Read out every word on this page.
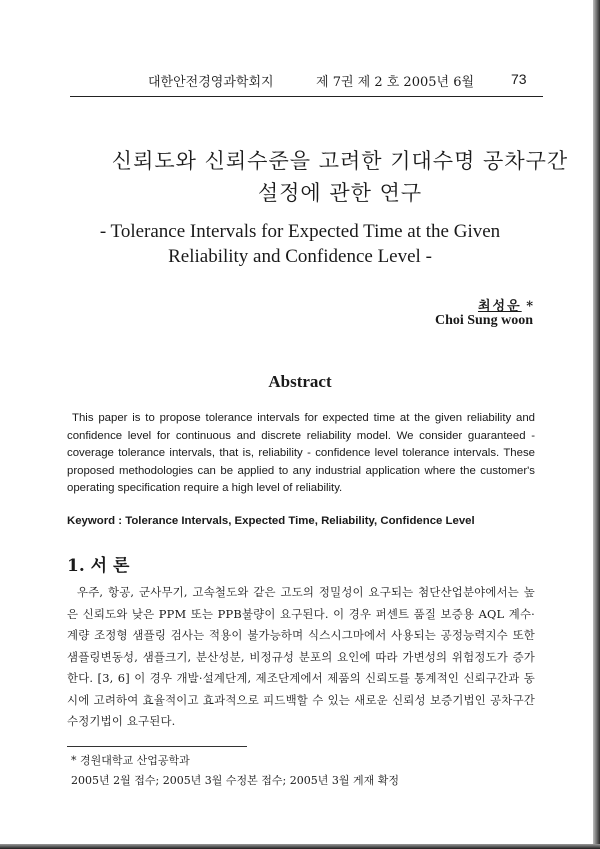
대한안전경영과학회지	제 7권 제 2 호 2005년 6월	73
신뢰도와 신뢰수준을 고려한 기대수명 공차구간
설정에 관한 연구
- Tolerance Intervals for Expected Time at the Given
Reliability and Confidence Level -
최성운 *
Choi Sung woon
Abstract

This paper is to propose tolerance intervals for expected time at the given reliability and confidence level for continuous and discrete reliability model. We consider guaranteed - coverage tolerance intervals, that is, reliability - confidence level tolerance intervals. These proposed methodologies can be applied to any industrial application where the customer's operating specification require a high level of reliability.

Keyword : Tolerance Intervals, Expected Time, Reliability, Confidence Level
1. 서 론

우주, 항공, 군사무기, 고속철도와 같은 고도의 정밀성이 요구되는 첨단산업분야에서는 높은 신뢰도와 낮은 PPM 또는 PPB불량이 요구된다. 이 경우 퍼센트 품질 보증용 AQL 계수·계량 조정형 샘플링 검사는 적용이 불가능하며 식스시그마에서 사용되는 공정능력지수 또한 샘플링변동성, 샘플크기, 분산성분, 비정규성 분포의 요인에 따라 가변성의 위험정도가 증가한다. [3, 6] 이 경우 개발·설계단계, 제조단계에서 제품의 신뢰도를 통계적인 신뢰구간과 동시에 고려하여 효율적이고 효과적으로 피드백할 수 있는 새로운 신뢰성 보증기법인 공차구간 수정기법이 요구된다.

* 경원대학교 산업공학과
2005년 2월 접수; 2005년 3월 수정본 접수; 2005년 3월 게재 확정
